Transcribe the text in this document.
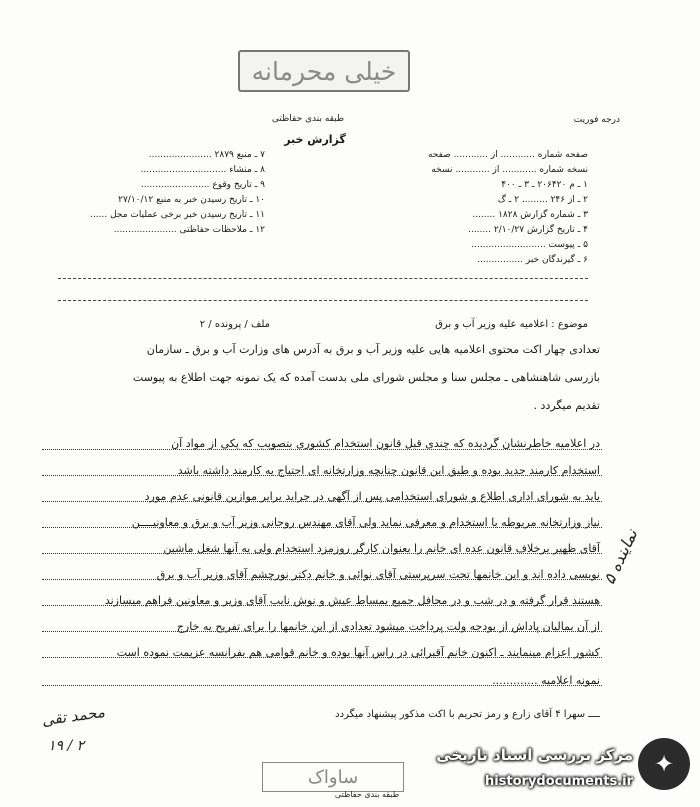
خیلی محرمانه
درجه فوریت
طبقه بندی حفاظتی
گزارش خبر
صفحه شماره ............ از ............ صفحه
نسخه شماره ............ از ............ نسخه
۱ ـ م ۲۰۶۴۲۰ ـ ۳ ـ ۴۰۰
۲ ـ از ۲۴۶ ......... ۲ ـ گ
۳ ـ شماره گزارش ۱۸۲۸ ........
۴ ـ تاریخ گزارش ۲/۱۰/۲۷ ........
۵ ـ پیوست ..........................
۶ ـ گیرندگان خبر ................
۷ ـ منبع ۲۸۷۹ ......................
۸ ـ منشاء ..............................
۹ ـ تاریخ وقوع ........................
۱۰ ـ تاریخ رسیدن خبر به منبع ۲۷/۱۰/۱۲
۱۱ ـ تاریخ رسیدن خبر برخی عملیات محل ......
۱۲ ـ ملاحظات حفاظتی ......................
موضوع : اعلامیه علیه وزیر آب و برق
ملف / پرونده / ۲
تعدادی چهار اکت محتوی اعلامیه هایی علیه وزیر آب و برق به آدرس های وزارت آب و برق ـ سازمان
بازرسی شاهنشاهی ـ مجلس سنا و مجلس شورای ملی بدست آمده که یک نمونه جهت اطلاع به پیوست
تقدیم میگردد .
در اعلامیه خاطرنشان گردیده که چندی قبل قانون استخدام کشوری بتصویب که یکی از مواد آن
استخدام کارمند جدید بوده و طبق این قانون چنانچه وزارتخانه ای احتیاج به کارمند داشته باشد
باید به شورای اداری اطلاع و شورای استخدامی پس از آگهی در جراید برابر موازین قانونی عدم مورد
نیاز وزارتخانه مربوطه با استخدام و معرفی نماید ولی آقای مهندس روحانی وزیر آب و برق و معاونیــــن
آقای ظهیر برخلاف قانون عده ای خانم را بعنوان کارگر روزمزد استخدام ولی به آنها شغل ماشین
نویسی داده اند و این خانمها تحت سرپرستی آقای نوائی و خانم دکتر نورچشم آقای وزیر آب و برق
هستند قرار گرفته و در شب و در محافل جمیع بمساط عیش و نوش نایب آقای وزیر و معاونین فراهم میسازند
از آن بمالیان پاداش از بودجه ولت پرداخت میشود تعدادی از این خانمها را برای تفریح به خارج
کشور اعزام مینمایند ـ اکنون خانم آقیرائی در راس آنها بوده و خانم قوامی هم بفرانسه عزیمت نموده است
نمونه اعلامیه .............
ــــ سهرا ۴ آقای زارع و رمز تحریم با اکت مذکور پیشنهاد میگردد
نماینده ۵
محمد تقی
۱۹ / ۲
ساواک
طبقه بندی حفاظتی
✦
مرکز بررسی اسناد تاریخی
historydocuments.ir
